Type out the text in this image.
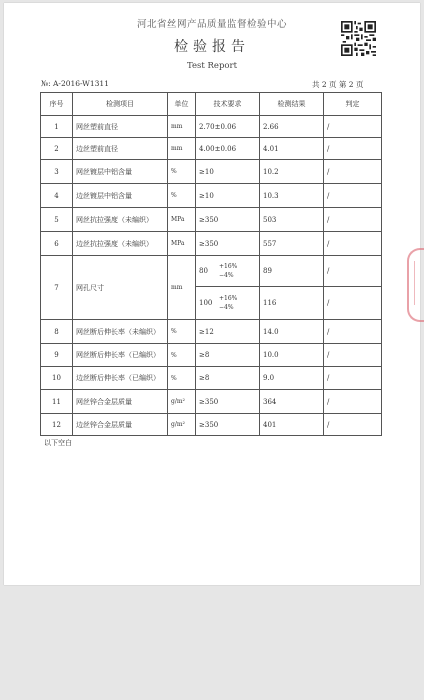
河北省丝网产品质量监督检验中心
检验报告
Test Report
№: A-2016-W1311	共 2 页 第 2 页
序号	检测项目	单位	技术要求	检测结果	判定
1	网丝塑前直径	mm	2.70±0.06	2.66	/
2	边丝塑前直径	mm	4.00±0.06	4.01	/
3	网丝镀层中铝含量	%	≥10	10.2	/
4	边丝镀层中铝含量	%	≥10	10.3	/
5	网丝抗拉强度（未编织）	MPa	≥350	503	/
6	边丝抗拉强度（未编织）	MPa	≥350	557	/
7	网孔尺寸	mm	80
+16%
−4%	89	/

			100
+16%
−4%	116	/
8	网丝断后伸长率（未编织）	%	≥12	14.0	/
9	网丝断后伸长率（已编织）	%	≥8	10.0	/
10	边丝断后伸长率（已编织）	%	≥8	9.0	/
11	网丝锌合金层质量	g/m²	≥350	364	/
12	边丝锌合金层质量	g/m²	≥350	401	/
以下空白
